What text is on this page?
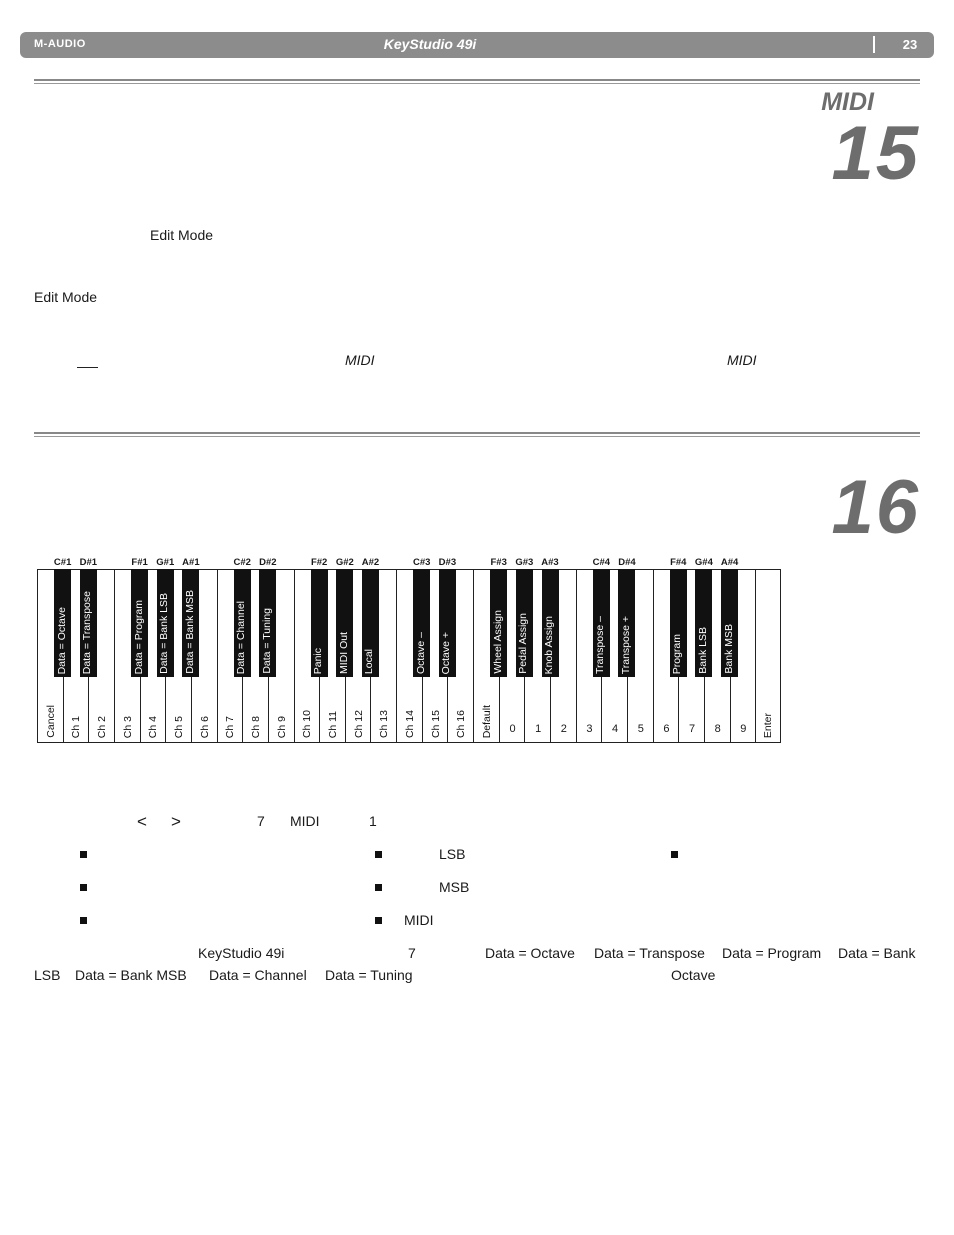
M-AUDIO	KeyStudio 49i	23
MIDI
15
Edit Mode
Edit Mode
MIDI	MIDI
16
Cancel Ch 1 Ch 2 Ch 3 Ch 4 Ch 5 Ch 6 Ch 7 Ch 8 Ch 9 Ch 10 Ch 11 Ch 12 Ch 13 Ch 14 Ch 15 Ch 16 Default	0	1	2	3	4	5	6	7	8	9	Enter
Data = Octave Data = Transpose	Data = Program Data = Bank LSB Data = Bank MSB	Data = Channel Data = Tuning	Panic MIDI Out Local	Octave – Octave +	Wheel Assign Pedal Assign Knob Assign	Transpose – Transpose +	Program Bank LSB Bank MSB
C#1 D#1	F#1 G#1 A#1	C#2 D#2	F#2 G#2 A#2	C#3 D#3	F#3 G#3 A#3	C#4 D#4	F#4 G#4 A#4
< >	7 MIDI	1
LSB
MSB
MIDI
KeyStudio 49i	7	Data = Octave Data = Transpose Data = Program Data = Bank
LSB Data = Bank MSB Data = Channel Data = Tuning	Octave
